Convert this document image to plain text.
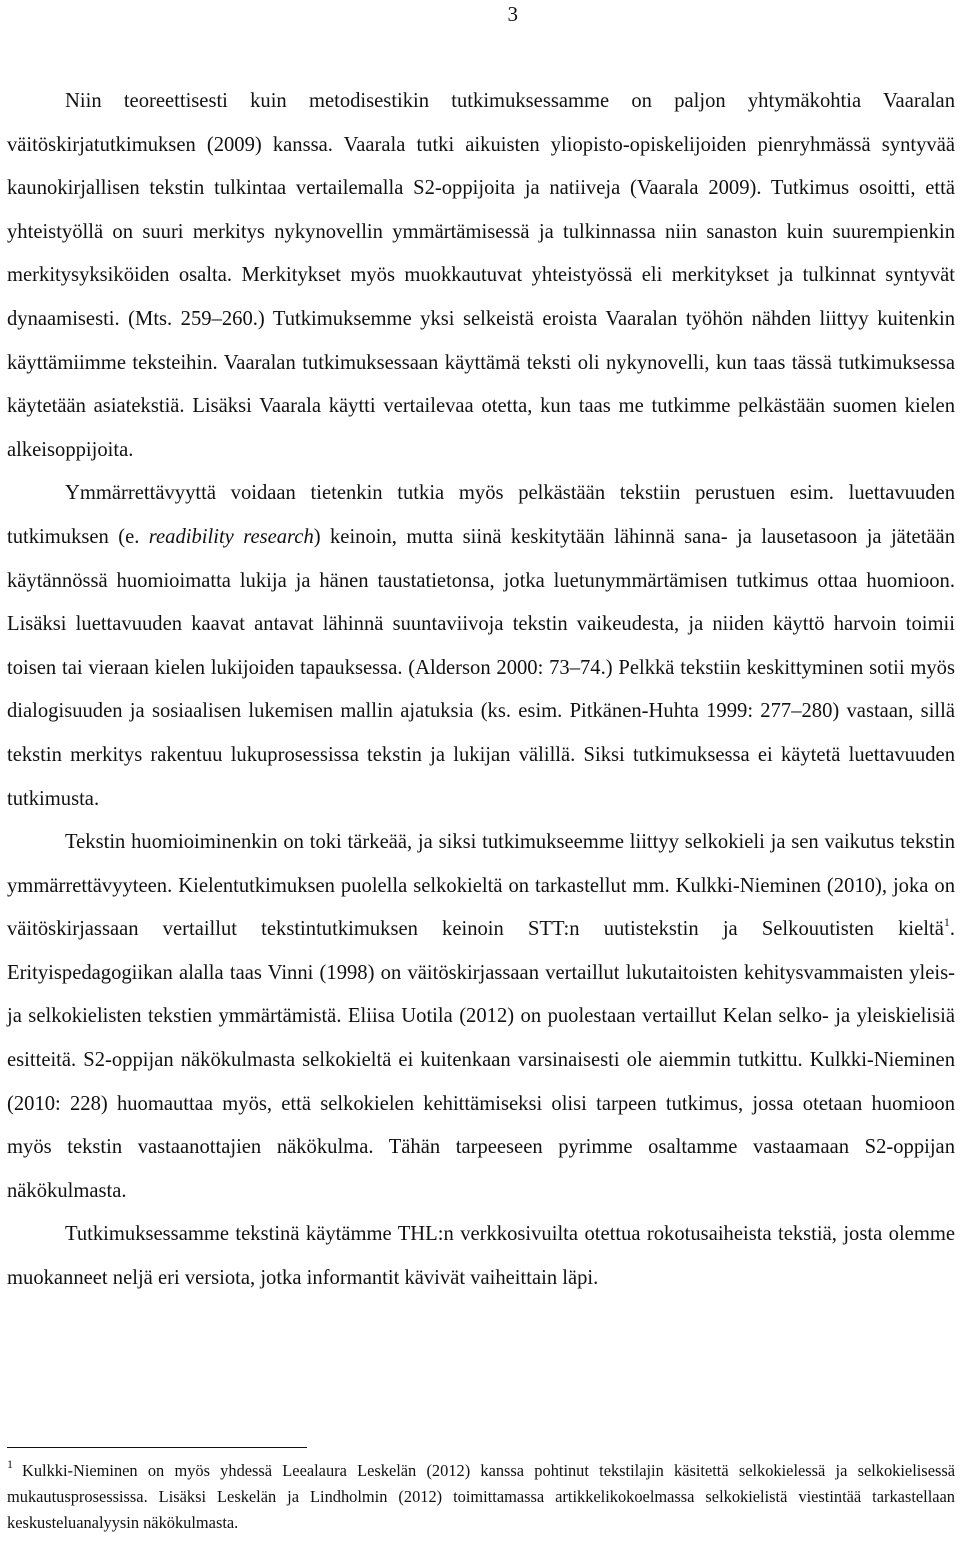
3

Niin teoreettisesti kuin metodisestikin tutkimuksessamme on paljon yhtymäkohtia Vaaralan väitöskirjatutkimuksen (2009) kanssa. Vaarala tutki aikuisten yliopisto-opiskelijoiden pienryhmässä syntyvää kaunokirjallisen tekstin tulkintaa vertailemalla S2-oppijoita ja natiiveja (Vaarala 2009). Tutkimus osoitti, että yhteistyöllä on suuri merkitys nykynovellin ymmärtämisessä ja tulkinnassa niin sanaston kuin suurempienkin merkitysyksiköiden osalta. Merkitykset myös muokkautuvat yhteistyössä eli merkitykset ja tulkinnat syntyvät dynaamisesti. (Mts. 259–260.) Tutkimuksemme yksi selkeistä eroista Vaaralan työhön nähden liittyy kuitenkin käyttämiimme teksteihin. Vaaralan tutkimuksessaan käyttämä teksti oli nykynovelli, kun taas tässä tutkimuksessa käytetään asiatekstiä. Lisäksi Vaarala käytti vertailevaa otetta, kun taas me tutkimme pelkästään suomen kielen alkeisoppijoita.

Ymmärrettävyyttä voidaan tietenkin tutkia myös pelkästään tekstiin perustuen esim. luettavuuden tutkimuksen (e. readibility research) keinoin, mutta siinä keskitytään lähinnä sana- ja lausetasoon ja jätetään käytännössä huomioimatta lukija ja hänen taustatietonsa, jotka luetunymmärtämisen tutkimus ottaa huomioon. Lisäksi luettavuuden kaavat antavat lähinnä suuntaviivoja tekstin vaikeudesta, ja niiden käyttö harvoin toimii toisen tai vieraan kielen lukijoiden tapauksessa. (Alderson 2000: 73–74.) Pelkkä tekstiin keskittyminen sotii myös dialogisuuden ja sosiaalisen lukemisen mallin ajatuksia (ks. esim. Pitkänen-Huhta 1999: 277–280) vastaan, sillä tekstin merkitys rakentuu lukuprosessissa tekstin ja lukijan välillä. Siksi tutkimuksessa ei käytetä luettavuuden tutkimusta.

Tekstin huomioiminenkin on toki tärkeää, ja siksi tutkimukseemme liittyy selkokieli ja sen vaikutus tekstin ymmärrettävyyteen. Kielentutkimuksen puolella selkokieltä on tarkastellut mm. Kulkki-Nieminen (2010), joka on väitöskirjassaan vertaillut tekstintutkimuksen keinoin STT:n uutistekstin ja Selkouutisten kieltä$^1$. Erityispedagogiikan alalla taas Vinni (1998) on väitöskirjassaan vertaillut lukutaitoisten kehitysvammaisten yleis- ja selkokielisten tekstien ymmärtämistä. Eliisa Uotila (2012) on puolestaan vertaillut Kelan selko- ja yleiskielisiä esitteitä. S2-oppijan näkökulmasta selkokieltä ei kuitenkaan varsinaisesti ole aiemmin tutkittu. Kulkki-Nieminen (2010: 228) huomauttaa myös, että selkokielen kehittämiseksi olisi tarpeen tutkimus, jossa otetaan huomioon myös tekstin vastaanottajien näkökulma. Tähän tarpeeseen pyrimme osaltamme vastaamaan S2-oppijan näkökulmasta.

Tutkimuksessamme tekstinä käytämme THL:n verkkosivuilta otettua rokotusaiheista tekstiä, josta olemme muokanneet neljä eri versiota, jotka informantit kävivät vaiheittain läpi.

$^1$ Kulkki-Nieminen on myös yhdessä Leealaura Leskelän (2012) kanssa pohtinut tekstilajin käsitettä selkokielessä ja selkokielisessä mukautusprosessissa. Lisäksi Leskelän ja Lindholmin (2012) toimittamassa artikkelikokoelmassa selkokielistä viestintää tarkastellaan keskusteluanalyysin näkökulmasta.
